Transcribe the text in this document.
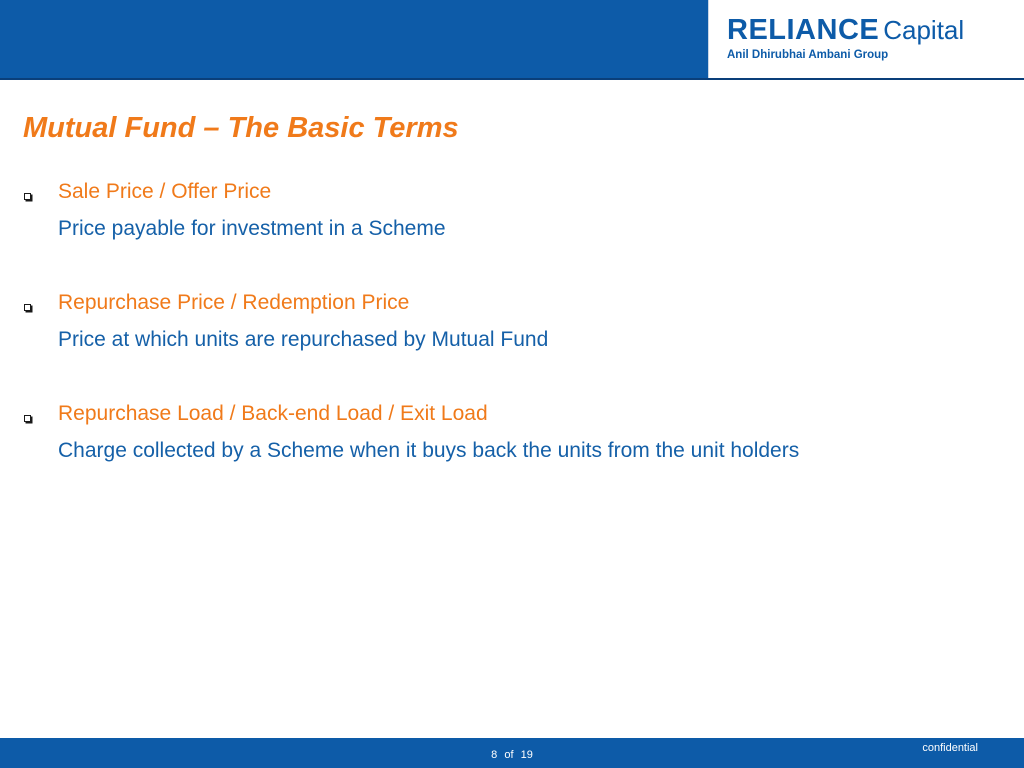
RELIANCE Capital
Anil Dhirubhai Ambani Group
Mutual Fund – The Basic Terms
Sale Price / Offer Price
Price payable for investment in a Scheme
Repurchase Price / Redemption Price
Price at which units are repurchased by Mutual Fund
Repurchase Load / Back-end Load / Exit Load
Charge collected by a Scheme when it buys back the units from the unit holders
8 of 19
confidential
